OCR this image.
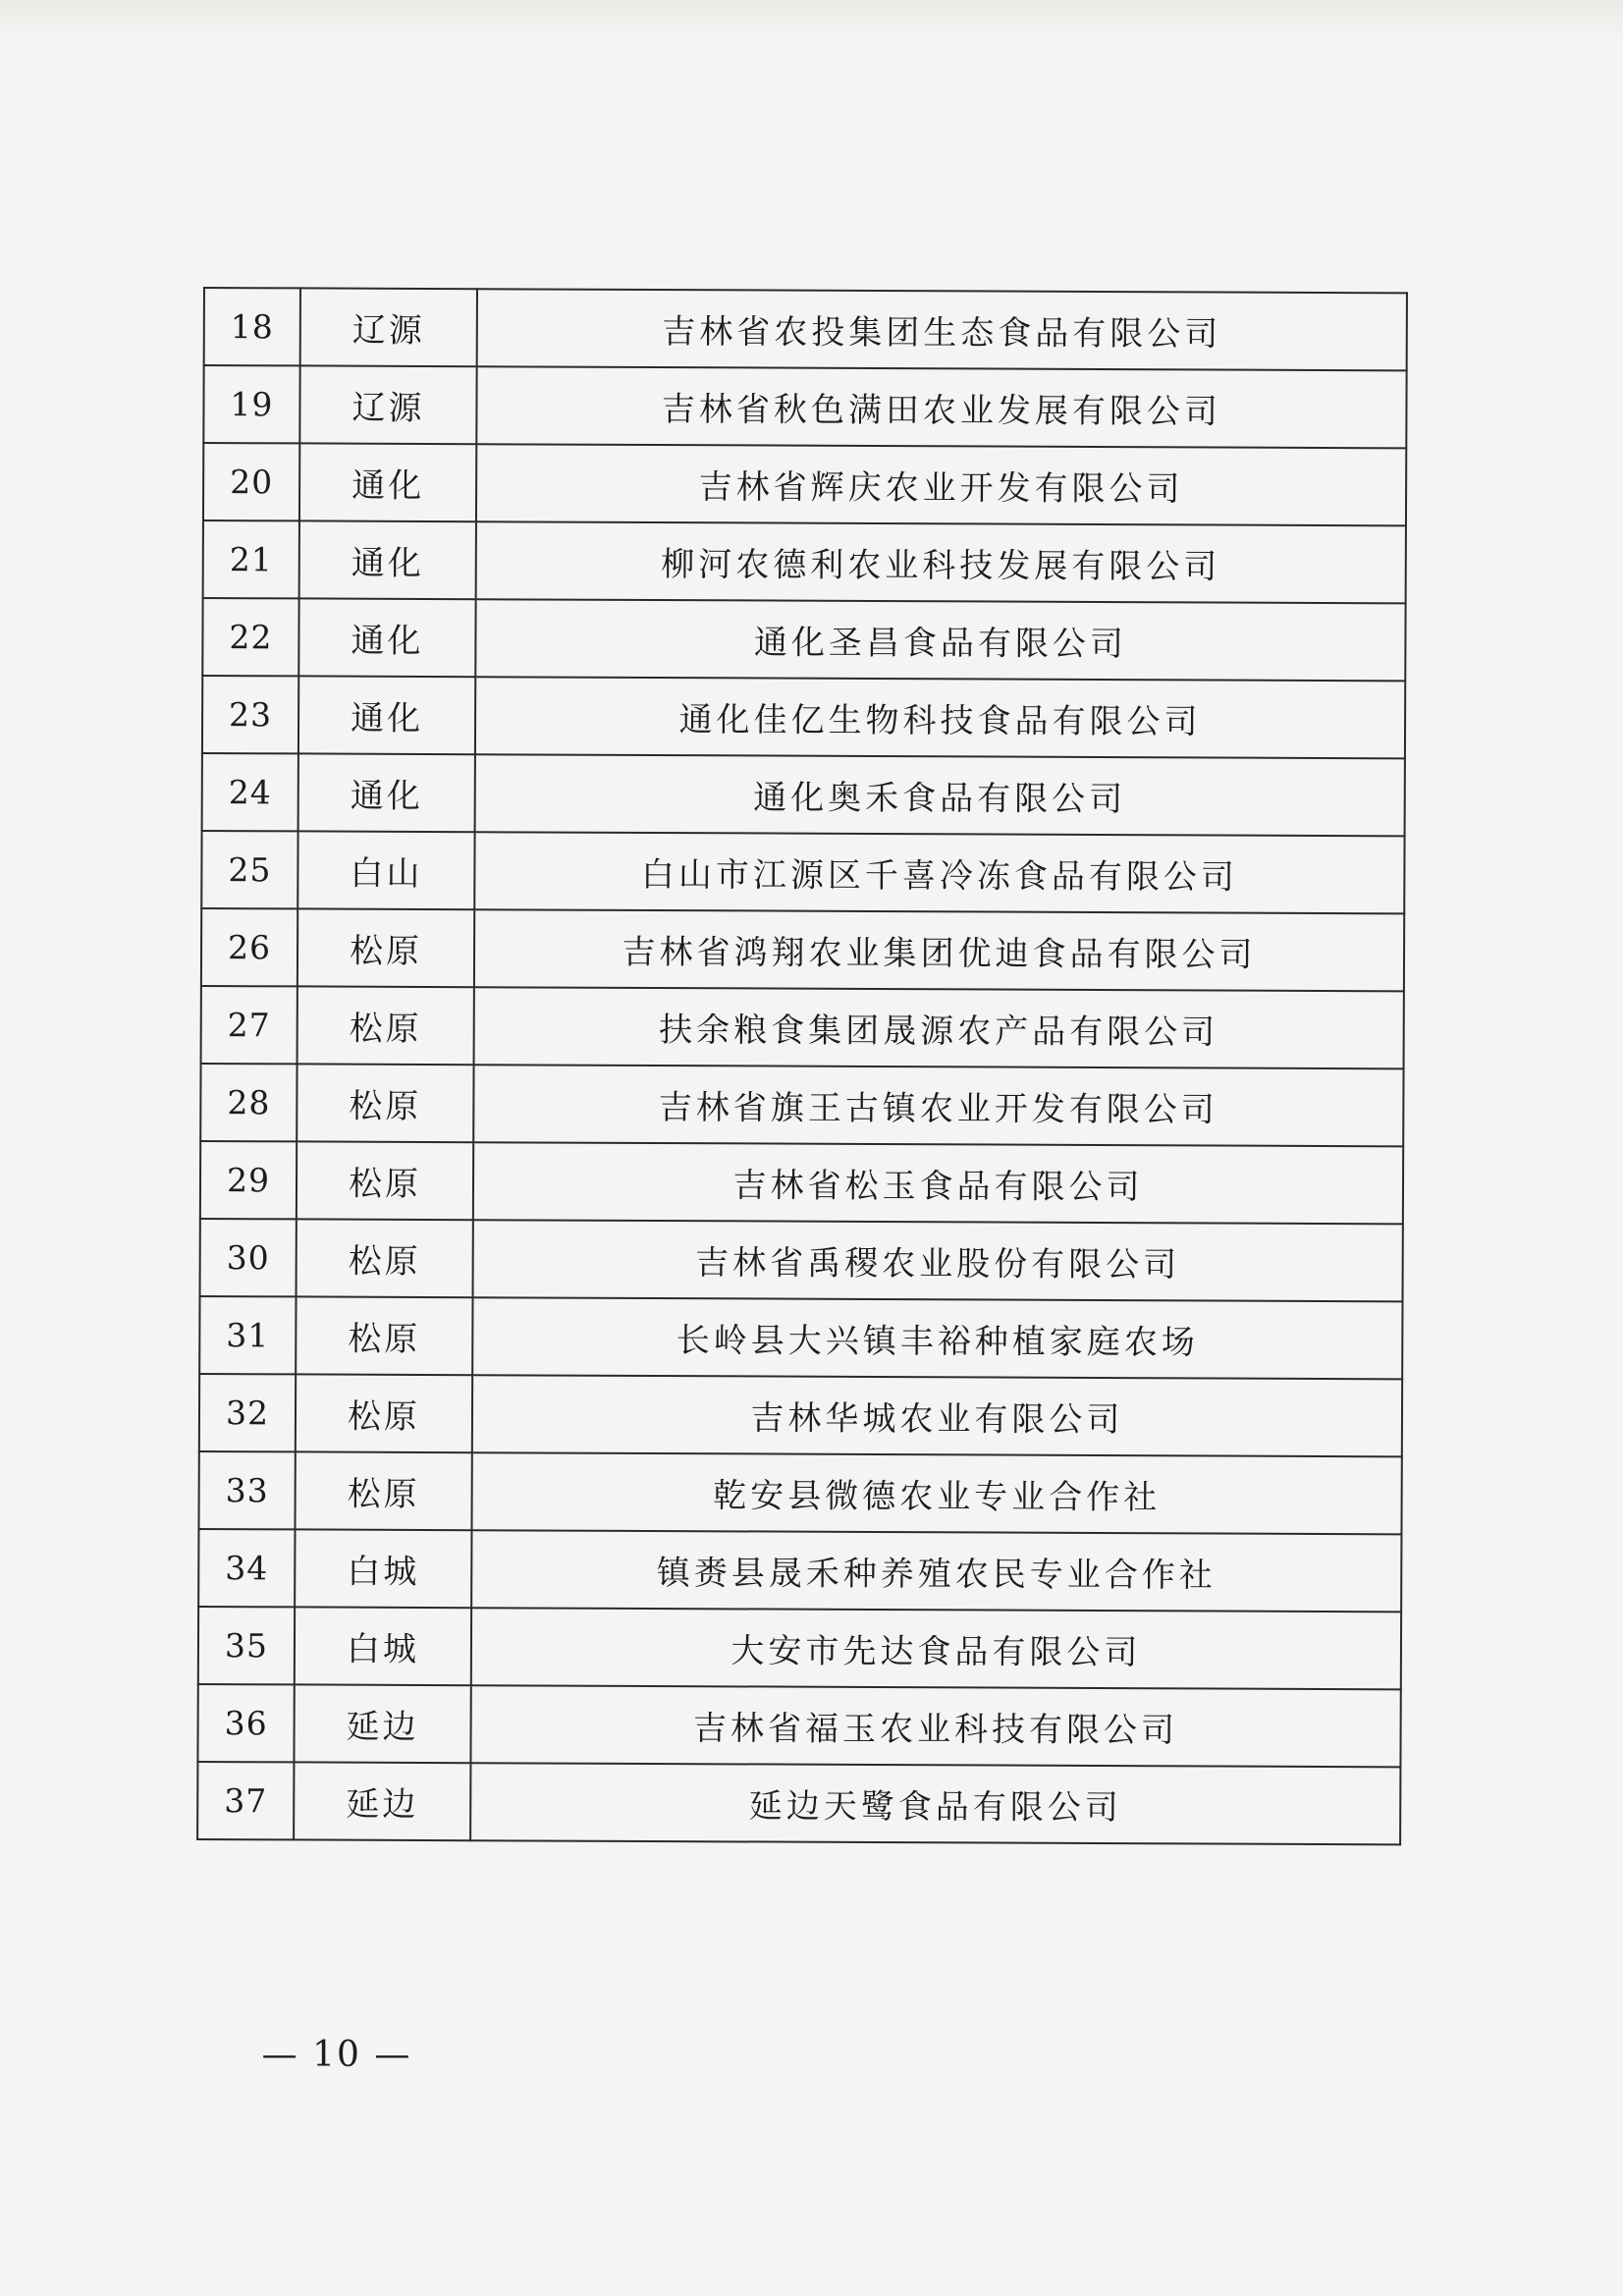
18	辽源	吉林省农投集团生态食品有限公司
19	辽源	吉林省秋色满田农业发展有限公司
20	通化	吉林省辉庆农业开发有限公司
21	通化	柳河农德利农业科技发展有限公司
22	通化	通化圣昌食品有限公司
23	通化	通化佳亿生物科技食品有限公司
24	通化	通化奥禾食品有限公司
25	白山	白山市江源区千喜冷冻食品有限公司
26	松原	吉林省鸿翔农业集团优迪食品有限公司
27	松原	扶余粮食集团晟源农产品有限公司
28	松原	吉林省旗王古镇农业开发有限公司
29	松原	吉林省松玉食品有限公司
30	松原	吉林省禹稷农业股份有限公司
31	松原	长岭县大兴镇丰裕种植家庭农场
32	松原	吉林华城农业有限公司
33	松原	乾安县微德农业专业合作社
34	白城	镇赉县晟禾种养殖农民专业合作社
35	白城	大安市先达食品有限公司
36	延边	吉林省福玉农业科技有限公司
37	延边	延边天鹭食品有限公司
— 10 —
